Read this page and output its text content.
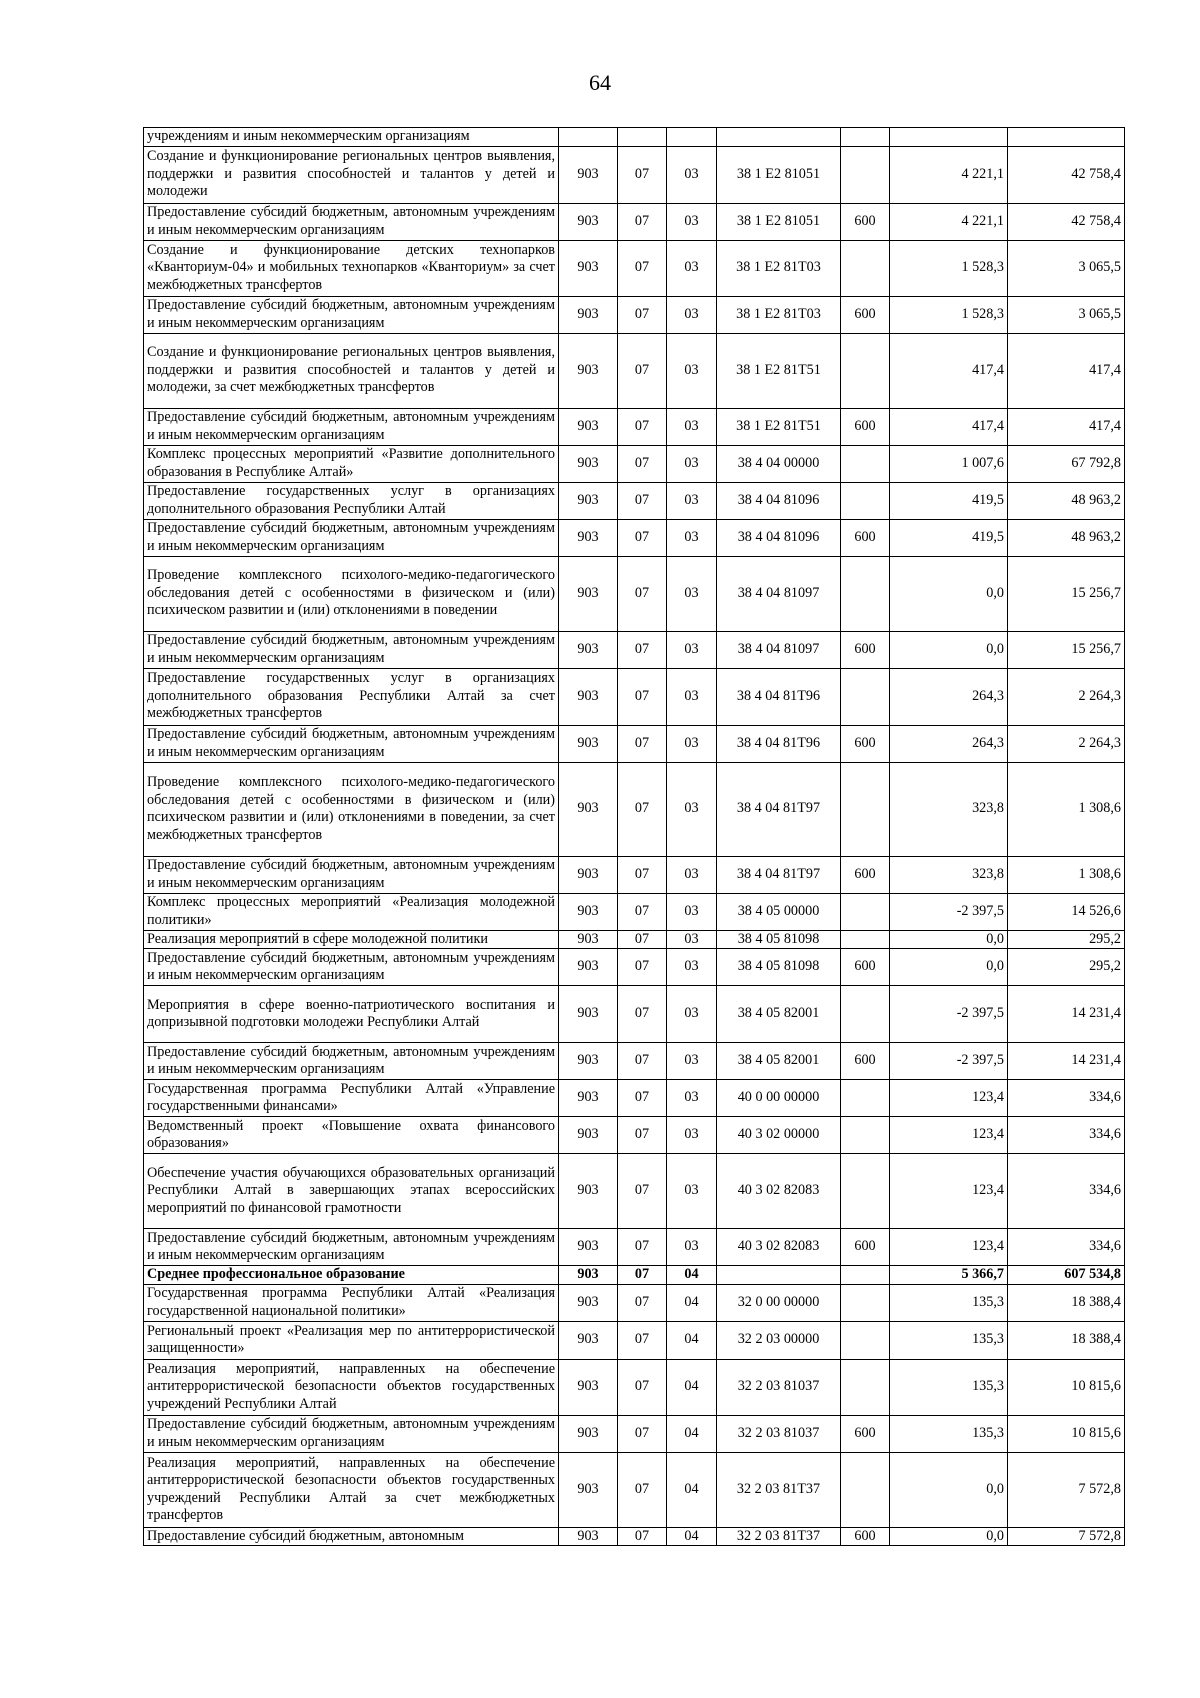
64
учреждениям и иным некоммерческим организациям							
Создание и функционирование региональных центров выявления, поддержки и развития способностей и талантов у детей и молодежи	903	07	03	38 1 E2 81051		4 221,1	42 758,4
Предоставление субсидий бюджетным, автономным учреждениям и иным некоммерческим организациям	903	07	03	38 1 E2 81051	600	4 221,1	42 758,4
Создание и функционирование детских технопарков «Кванториум-04» и мобильных технопарков «Кванториум» за счет межбюджетных трансфертов	903	07	03	38 1 E2 81T03		1 528,3	3 065,5
Предоставление субсидий бюджетным, автономным учреждениям и иным некоммерческим организациям	903	07	03	38 1 E2 81T03	600	1 528,3	3 065,5
Создание и функционирование региональных центров выявления, поддержки и развития способностей и талантов у детей и молодежи, за счет межбюджетных трансфертов	903	07	03	38 1 E2 81T51		417,4	417,4
Предоставление субсидий бюджетным, автономным учреждениям и иным некоммерческим организациям	903	07	03	38 1 E2 81T51	600	417,4	417,4
Комплекс процессных мероприятий «Развитие дополнительного образования в Республике Алтай»	903	07	03	38 4 04 00000		1 007,6	67 792,8
Предоставление государственных услуг в организациях дополнительного образования Республики Алтай	903	07	03	38 4 04 81096		419,5	48 963,2
Предоставление субсидий бюджетным, автономным учреждениям и иным некоммерческим организациям	903	07	03	38 4 04 81096	600	419,5	48 963,2
Проведение комплексного психолого-медико-педагогического обследования детей с особенностями в физическом и (или) психическом развитии и (или) отклонениями в поведении	903	07	03	38 4 04 81097		0,0	15 256,7
Предоставление субсидий бюджетным, автономным учреждениям и иным некоммерческим организациям	903	07	03	38 4 04 81097	600	0,0	15 256,7
Предоставление государственных услуг в организациях дополнительного образования Республики Алтай за счет межбюджетных трансфертов	903	07	03	38 4 04 81T96		264,3	2 264,3
Предоставление субсидий бюджетным, автономным учреждениям и иным некоммерческим организациям	903	07	03	38 4 04 81T96	600	264,3	2 264,3
Проведение комплексного психолого-медико-педагогического обследования детей с особенностями в физическом и (или) психическом развитии и (или) отклонениями в поведении, за счет межбюджетных трансфертов	903	07	03	38 4 04 81T97		323,8	1 308,6
Предоставление субсидий бюджетным, автономным учреждениям и иным некоммерческим организациям	903	07	03	38 4 04 81T97	600	323,8	1 308,6
Комплекс процессных мероприятий «Реализация молодежной политики»	903	07	03	38 4 05 00000		-2 397,5	14 526,6
Реализация мероприятий в сфере молодежной политики	903	07	03	38 4 05 81098		0,0	295,2
Предоставление субсидий бюджетным, автономным учреждениям и иным некоммерческим организациям	903	07	03	38 4 05 81098	600	0,0	295,2
Мероприятия в сфере военно-патриотического воспитания и допризывной подготовки молодежи Республики Алтай	903	07	03	38 4 05 82001		-2 397,5	14 231,4
Предоставление субсидий бюджетным, автономным учреждениям и иным некоммерческим организациям	903	07	03	38 4 05 82001	600	-2 397,5	14 231,4
Государственная программа Республики Алтай «Управление государственными финансами»	903	07	03	40 0 00 00000		123,4	334,6
Ведомственный проект «Повышение охвата финансового образования»	903	07	03	40 3 02 00000		123,4	334,6
Обеспечение участия обучающихся образовательных организаций Республики Алтай в завершающих этапах всероссийских мероприятий по финансовой грамотности	903	07	03	40 3 02 82083		123,4	334,6
Предоставление субсидий бюджетным, автономным учреждениям и иным некоммерческим организациям	903	07	03	40 3 02 82083	600	123,4	334,6
Среднее профессиональное образование	903	07	04			5 366,7	607 534,8
Государственная программа Республики Алтай «Реализация государственной национальной политики»	903	07	04	32 0 00 00000		135,3	18 388,4
Региональный проект «Реализация мер по антитеррористической защищенности»	903	07	04	32 2 03 00000		135,3	18 388,4
Реализация мероприятий, направленных на обеспечение антитеррористической безопасности объектов государственных учреждений Республики Алтай	903	07	04	32 2 03 81037		135,3	10 815,6
Предоставление субсидий бюджетным, автономным учреждениям и иным некоммерческим организациям	903	07	04	32 2 03 81037	600	135,3	10 815,6
Реализация мероприятий, направленных на обеспечение антитеррористической безопасности объектов государственных учреждений Республики Алтай за счет межбюджетных трансфертов	903	07	04	32 2 03 81T37		0,0	7 572,8
Предоставление субсидий бюджетным, автономным	903	07	04	32 2 03 81T37	600	0,0	7 572,8
